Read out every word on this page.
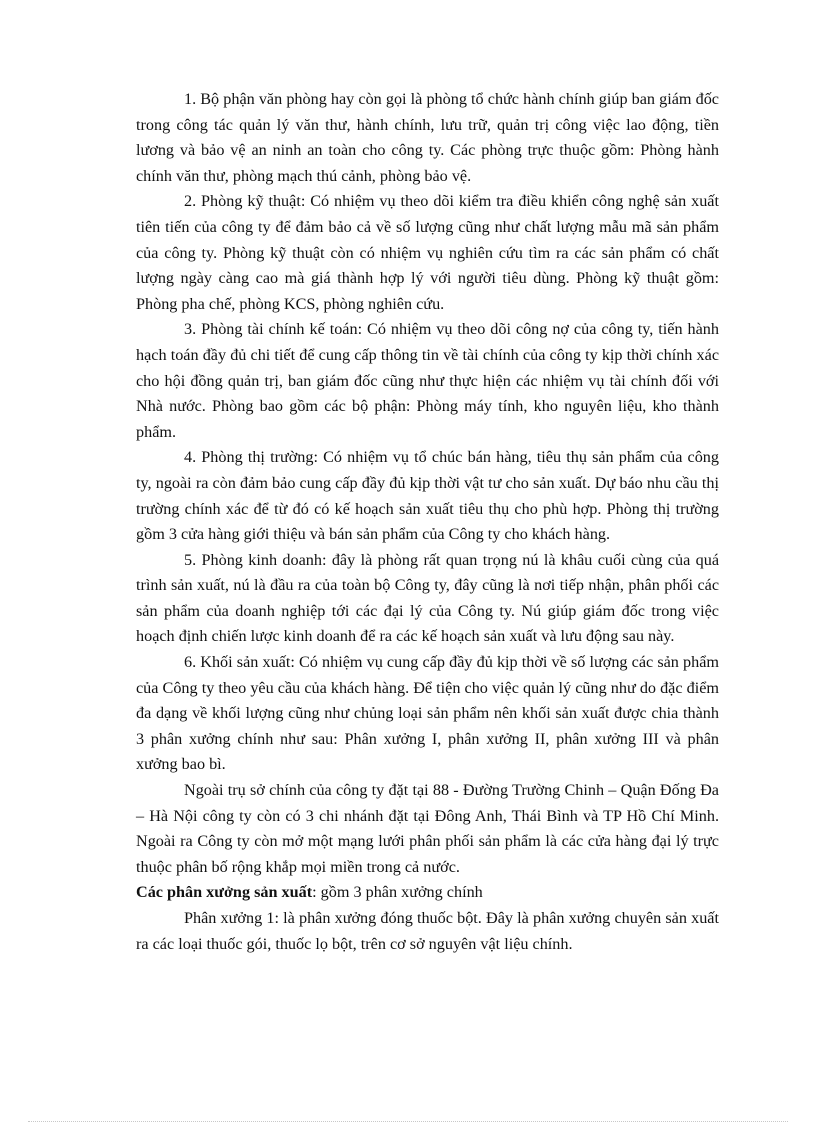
1. Bộ phận văn phòng hay còn gọi là phòng tổ chức hành chính giúp ban giám đốc trong công tác quản lý văn thư, hành chính, lưu trữ, quản trị công việc lao động, tiền lương và bảo vệ an ninh an toàn cho công ty. Các phòng trực thuộc gồm: Phòng hành chính văn thư, phòng mạch thú cảnh, phòng bảo vệ.

2. Phòng kỹ thuật: Có nhiệm vụ theo dõi kiểm tra điều khiển công nghệ sản xuất tiên tiến của công ty để đảm bảo cả về số lượng cũng như chất lượng mẫu mã sản phẩm của công ty. Phòng kỹ thuật còn có nhiệm vụ nghiên cứu tìm ra các sản phẩm có chất lượng ngày càng cao mà giá thành hợp lý với người tiêu dùng. Phòng kỹ thuật gồm: Phòng pha chế, phòng KCS, phòng nghiên cứu.

3. Phòng tài chính kế toán: Có nhiệm vụ theo dõi công nợ của công ty, tiến hành hạch toán đầy đủ chi tiết để cung cấp thông tin về tài chính của công ty kịp thời chính xác cho hội đồng quản trị, ban giám đốc cũng như thực hiện các nhiệm vụ tài chính đối với Nhà nước. Phòng bao gồm các bộ phận: Phòng máy tính, kho nguyên liệu, kho thành phẩm.

4. Phòng thị trường: Có nhiệm vụ tổ chúc bán hàng, tiêu thụ sản phẩm của công ty, ngoài ra còn đảm bảo cung cấp đầy đủ kịp thời vật tư cho sản xuất. Dự báo nhu cầu thị trường chính xác để từ đó có kế hoạch sản xuất tiêu thụ cho phù hợp. Phòng thị trường gồm 3 cửa hàng giới thiệu và bán sản phẩm của Công ty cho khách hàng.

5. Phòng kinh doanh: đây là phòng rất quan trọng nú là khâu cuối cùng của quá trình sản xuất, nú là đầu ra của toàn bộ Công ty, đây cũng là nơi tiếp nhận, phân phối các sản phẩm của doanh nghiệp tới các đại lý của Công ty. Nú giúp giám đốc trong việc hoạch định chiến lược kinh doanh để ra các kế hoạch sản xuất và lưu động sau này.

6. Khối sản xuất: Có nhiệm vụ cung cấp đầy đủ kịp thời về số lượng các sản phẩm của Công ty theo yêu cầu của khách hàng. Để tiện cho việc quản lý cũng như do đặc điểm đa dạng về khối lượng cũng như chủng loại sản phẩm nên khối sản xuất được chia thành 3 phân xưởng chính như sau: Phân xưởng I, phân xưởng II, phân xưởng III và phân xưởng bao bì.

Ngoài trụ sở chính của công ty đặt tại 88 - Đường Trường Chinh – Quận Đống Đa – Hà Nội công ty còn có 3 chi nhánh đặt tại Đông Anh, Thái Bình và TP Hồ Chí Minh. Ngoài ra Công ty còn mở một mạng lưới phân phối sản phẩm là các cửa hàng đại lý trực thuộc phân bố rộng khắp mọi miền trong cả nước.

Các phân xưởng sản xuất: gồm 3 phân xưởng chính

Phân xưởng 1: là phân xưởng đóng thuốc bột. Đây là phân xưởng chuyên sản xuất ra các loại thuốc gói, thuốc lọ bột, trên cơ sở nguyên vật liệu chính.
